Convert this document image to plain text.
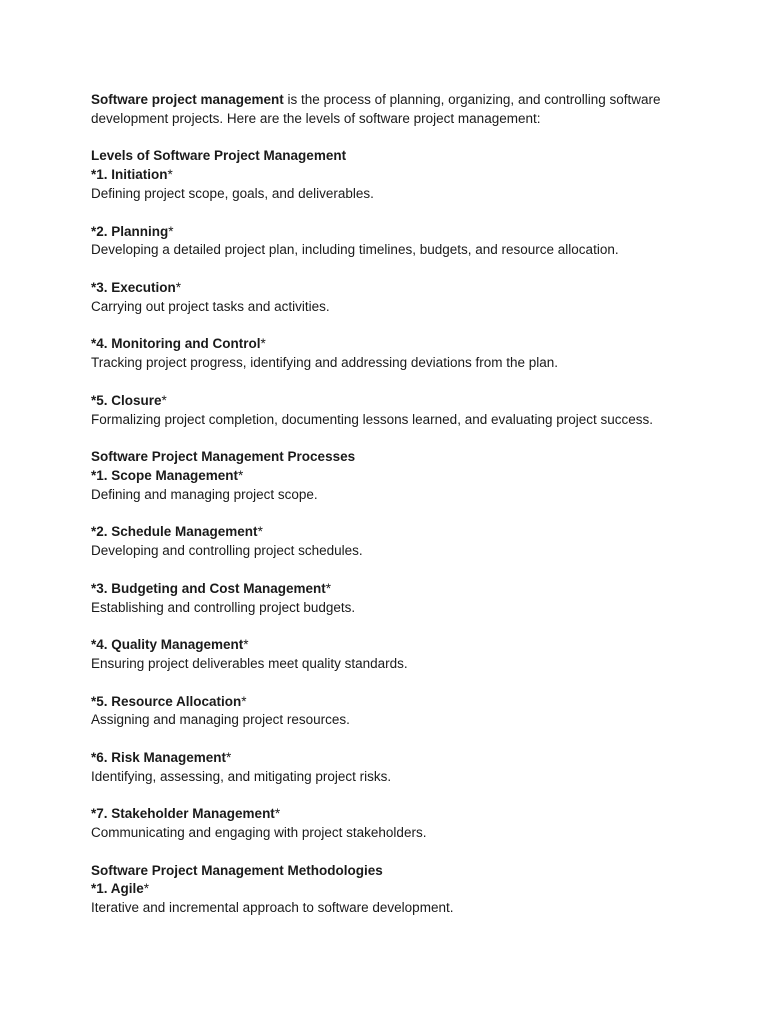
Software project management is the process of planning, organizing, and controlling software development projects. Here are the levels of software project management:

Levels of Software Project Management

*1. Initiation*
Defining project scope, goals, and deliverables.
*2. Planning*
Developing a detailed project plan, including timelines, budgets, and resource allocation.
*3. Execution*
Carrying out project tasks and activities.
*4. Monitoring and Control*
Tracking project progress, identifying and addressing deviations from the plan.
*5. Closure*
Formalizing project completion, documenting lessons learned, and evaluating project success.

Software Project Management Processes

*1. Scope Management*
Defining and managing project scope.
*2. Schedule Management*
Developing and controlling project schedules.
*3. Budgeting and Cost Management*
Establishing and controlling project budgets.
*4. Quality Management*
Ensuring project deliverables meet quality standards.
*5. Resource Allocation*
Assigning and managing project resources.
*6. Risk Management*
Identifying, assessing, and mitigating project risks.
*7. Stakeholder Management*
Communicating and engaging with project stakeholders.

Software Project Management Methodologies

*1. Agile*
Iterative and incremental approach to software development.
